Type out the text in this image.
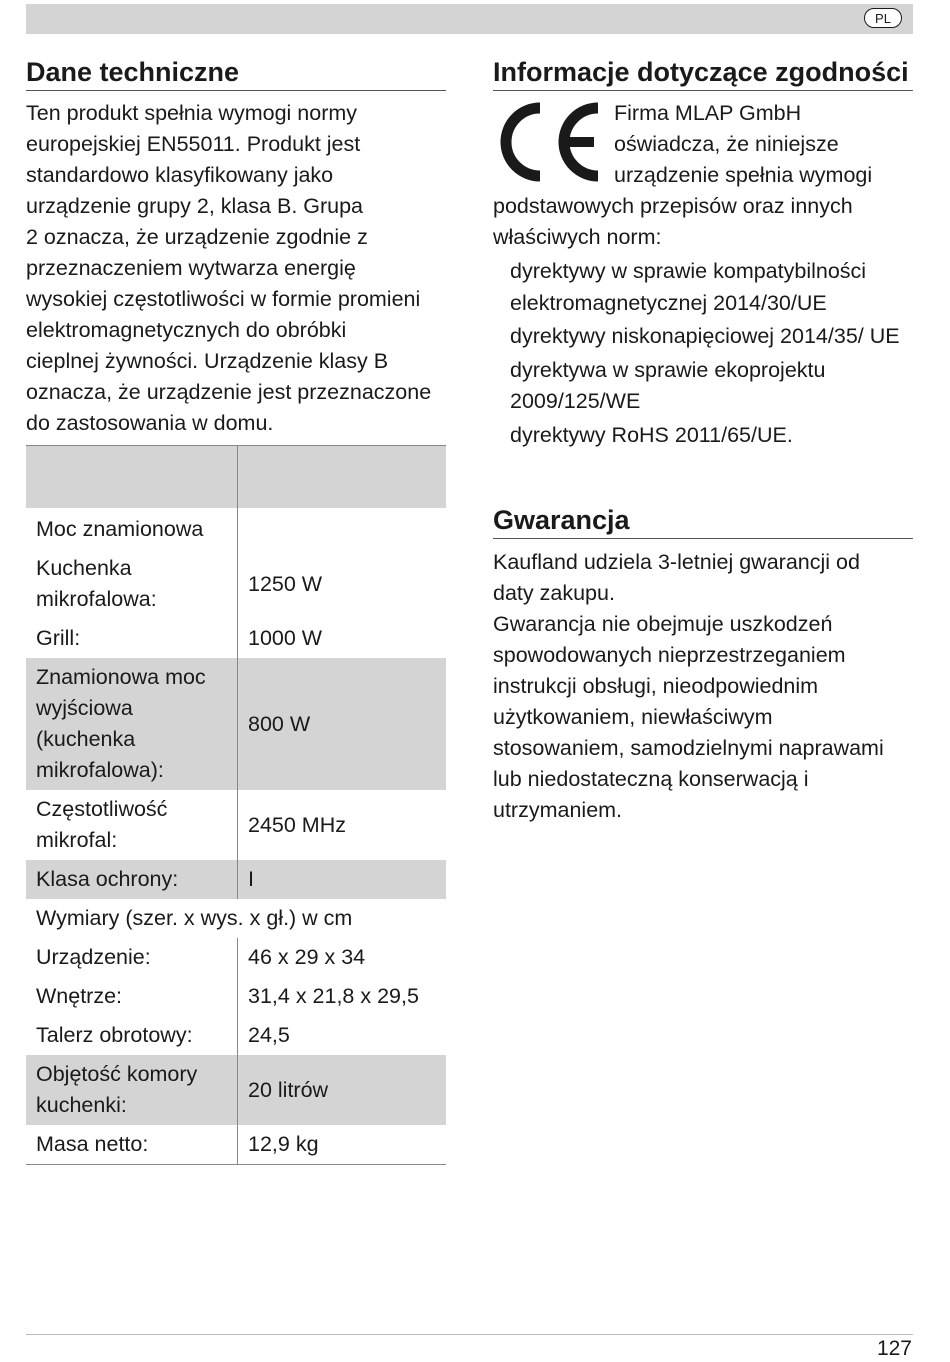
PL
Dane techniczne
Ten produkt spełnia wymogi normy
europejskiej EN55011. Produkt jest
standardowo klasyfikowany jako
urządzenie grupy 2, klasa B. Grupa
2 oznacza, że urządzenie zgodnie z
przeznaczeniem wytwarza energię
wysokiej częstotliwości w formie promieni
elektromagnetycznych do obróbki
cieplnej żywności. Urządzenie klasy B
oznacza, że urządzenie jest przeznaczone
do zastosowania w domu.

Moc znamionowa	
Kuchenka mikrofalowa:	1250 W
Grill:	1000 W
Znamionowa moc wyjściowa (kuchenka mikrofalowa):	800 W
Częstotliwość mikrofal:	2450 MHz
Klasa ochrony:	I
Wymiary (szer. x wys. x gł.) w cm	
Urządzenie:	46 x 29 x 34
Wnętrze:	31,4 x 21,8 x 29,5
Talerz obrotowy:	24,5
Objętość komory kuchenki:	20 litrów
Masa netto:	12,9 kg
Informacje dotyczące zgodności
Firma MLAP GmbH
oświadcza, że niniejsze
urządzenie spełnia wymogi
podstawowych przepisów oraz innych
właściwych norm:
dyrektywy w sprawie kompatybilności elektromagnetycznej 2014/30/UE
dyrektywy niskonapięciowej 2014/35/ UE
dyrektywa w sprawie ekoprojektu 2009/125/WE
dyrektywy RoHS 2011/65/UE.
Gwarancja
Kaufland udziela 3-letniej gwarancji od
daty zakupu.
Gwarancja nie obejmuje uszkodzeń
spowodowanych nieprzestrzeganiem
instrukcji obsługi, nieodpowiednim
użytkowaniem, niewłaściwym
stosowaniem, samodzielnymi naprawami
lub niedostateczną konserwacją i
utrzymaniem.
127
